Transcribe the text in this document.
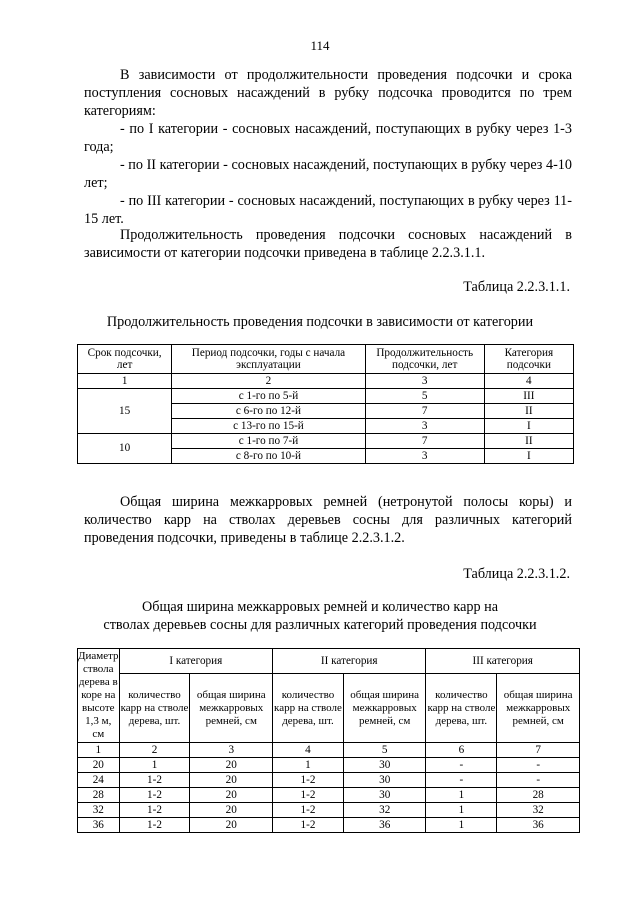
114

В зависимости от продолжительности проведения подсочки и срока поступления сосновых насаждений в рубку подсочка проводится по трем категориям:

- по I категории - сосновых насаждений, поступающих в рубку через 1-3 года;

- по II категории - сосновых насаждений, поступающих в рубку через 4-10 лет;

- по III категории - сосновых насаждений, поступающих в рубку через 11-15 лет.

Продолжительность проведения подсочки сосновых насаждений в зависимости от категории подсочки приведена в таблице 2.2.3.1.1.

Таблица 2.2.3.1.1.
Продолжительность проведения подсочки в зависимости от категории
Срок подсочки, лет	Период подсочки, годы с начала эксплуатации	Продолжительность подсочки, лет	Категория подсочки
1	2	3	4
15	с 1-го по 5-й	5	III
	с 6-го по 12-й	7	II
	с 13-го по 15-й	3	I
10	с 1-го по 7-й	7	II
	с 8-го по 10-й	3	I

Общая ширина межкарровых ремней (нетронутой полосы коры) и количество карр на стволах деревьев сосны для различных категорий проведения подсочки, приведены в таблице 2.2.3.1.2.

Таблица 2.2.3.1.2.
Общая ширина межкарровых ремней и количество карр на
стволах деревьев сосны для различных категорий проведения подсочки
Диаметр ствола дерева в коре на высоте 1,3 м, см	I категория		II категория		III категория	
	количество карр на стволе дерева, шт.	общая ширина межкарровых ремней, см	количество карр на стволе дерева, шт.	общая ширина межкарровых ремней, см	количество карр на стволе дерева, шт.	общая ширина межкарровых ремней, см
1	2	3	4	5	6	7
20	1	20	1	30	-	-
24	1-2	20	1-2	30	-	-
28	1-2	20	1-2	30	1	28
32	1-2	20	1-2	32	1	32
36	1-2	20	1-2	36	1	36
